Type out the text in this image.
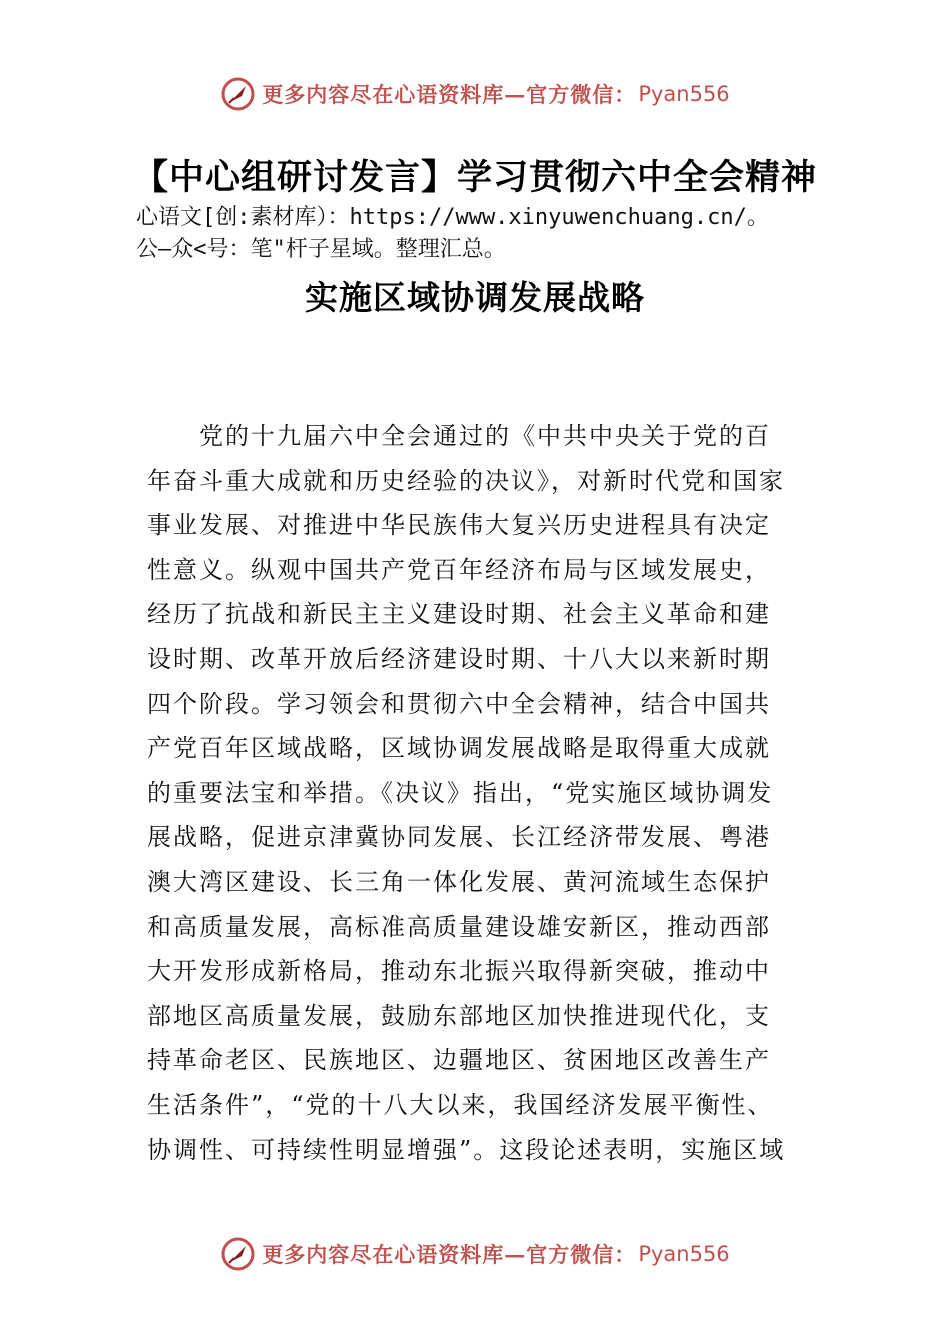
更多内容尽在心语资料库—官方微信： Pyan556
【中心组研讨发言】学习贯彻六中全会精神
心语文[创:素材库）：https://www.xinyuwenchuang.cn/。
公—众<号：笔"杆子星域。整理汇总。
实施区域协调发展战略
党的十九届六中全会通过的《中共中央关于党的百
年奋斗重大成就和历史经验的决议》，对新时代党和国家
事业发展、对推进中华民族伟大复兴历史进程具有决定
性意义。纵观中国共产党百年经济布局与区域发展史，
经历了抗战和新民主主义建设时期、社会主义革命和建
设时期、改革开放后经济建设时期、十八大以来新时期
四个阶段。学习领会和贯彻六中全会精神，结合中国共
产党百年区域战略，区域协调发展战略是取得重大成就
的重要法宝和举措。《决议》指出，“党实施区域协调发
展战略，促进京津冀协同发展、长江经济带发展、粤港
澳大湾区建设、长三角一体化发展、黄河流域生态保护
和高质量发展，高标准高质量建设雄安新区，推动西部
大开发形成新格局，推动东北振兴取得新突破，推动中
部地区高质量发展，鼓励东部地区加快推进现代化，支
持革命老区、民族地区、边疆地区、贫困地区改善生产
生活条件”，“党的十八大以来，我国经济发展平衡性、
协调性、可持续性明显增强”。这段论述表明，实施区域
更多内容尽在心语资料库—官方微信： Pyan556
